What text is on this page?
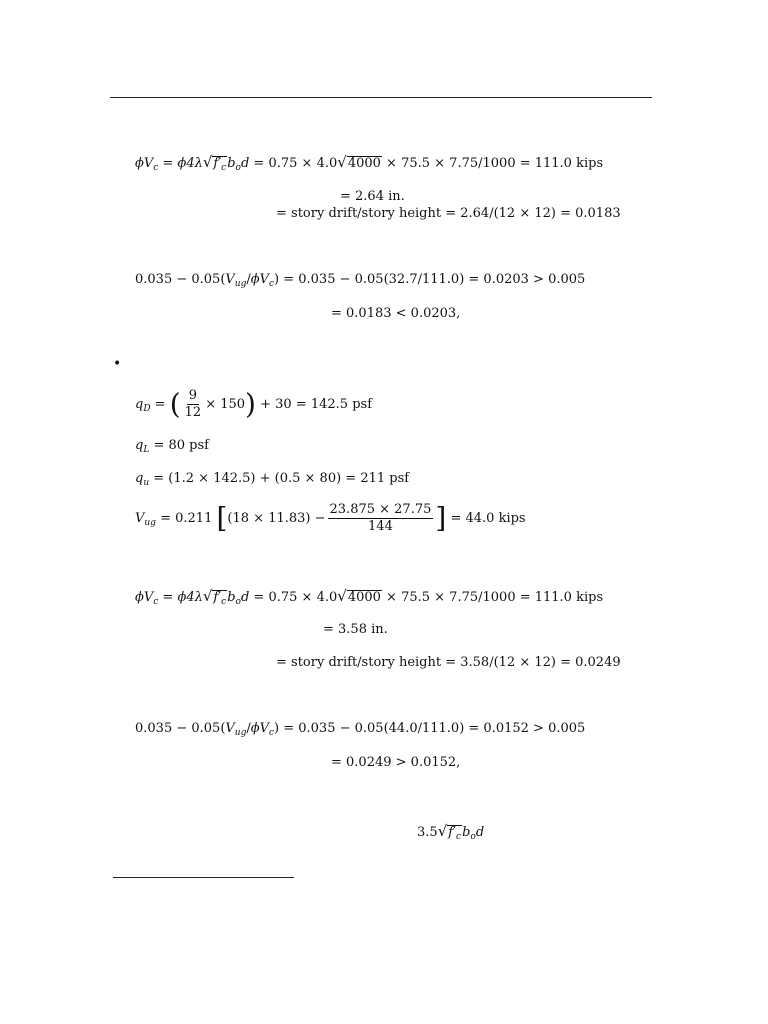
$\phi V_c = \phi 4\lambda√f'_cb_od = 0.75 \times 4.0√4000 \times 75.5 \times 7.75/1000 = 111.0$ kips
= 2.64 in.
= story drift/story height = 2.64/(12 × 12) = 0.0183
$0.035 - 0.05(V_{ug}/\phi V_c) = 0.035 - 0.05(32.7/111.0) = 0.0203 > 0.005$
= 0.0183 < 0.0203,
•
$q_D$ = ( $\frac{9}{12} \times 150) + 30 = 142.5$ psf
$q_L = 80$ psf
$q_u = (1.2 \times 142.5) + (0.5 \times 80) = 211$ psf
$V_{ug} = 0.211$ [$(18 \times 11.83) - \frac{23.875 \times 27.75}{144}$ ] = 44.0 kips
$\phi V_c = \phi 4\lambda√f'_cb_od = 0.75 \times 4.0√4000 \times 75.5 \times 7.75/1000 = 111.0$ kips
= 3.58 in.
= story drift/story height = 3.58/(12 × 12) = 0.0249
$0.035 - 0.05(V_{ug}/\phi V_c) = 0.035 - 0.05(44.0/111.0) = 0.0152 > 0.005$
= 0.0249 > 0.0152,
$3.5√f'_cb_od$
